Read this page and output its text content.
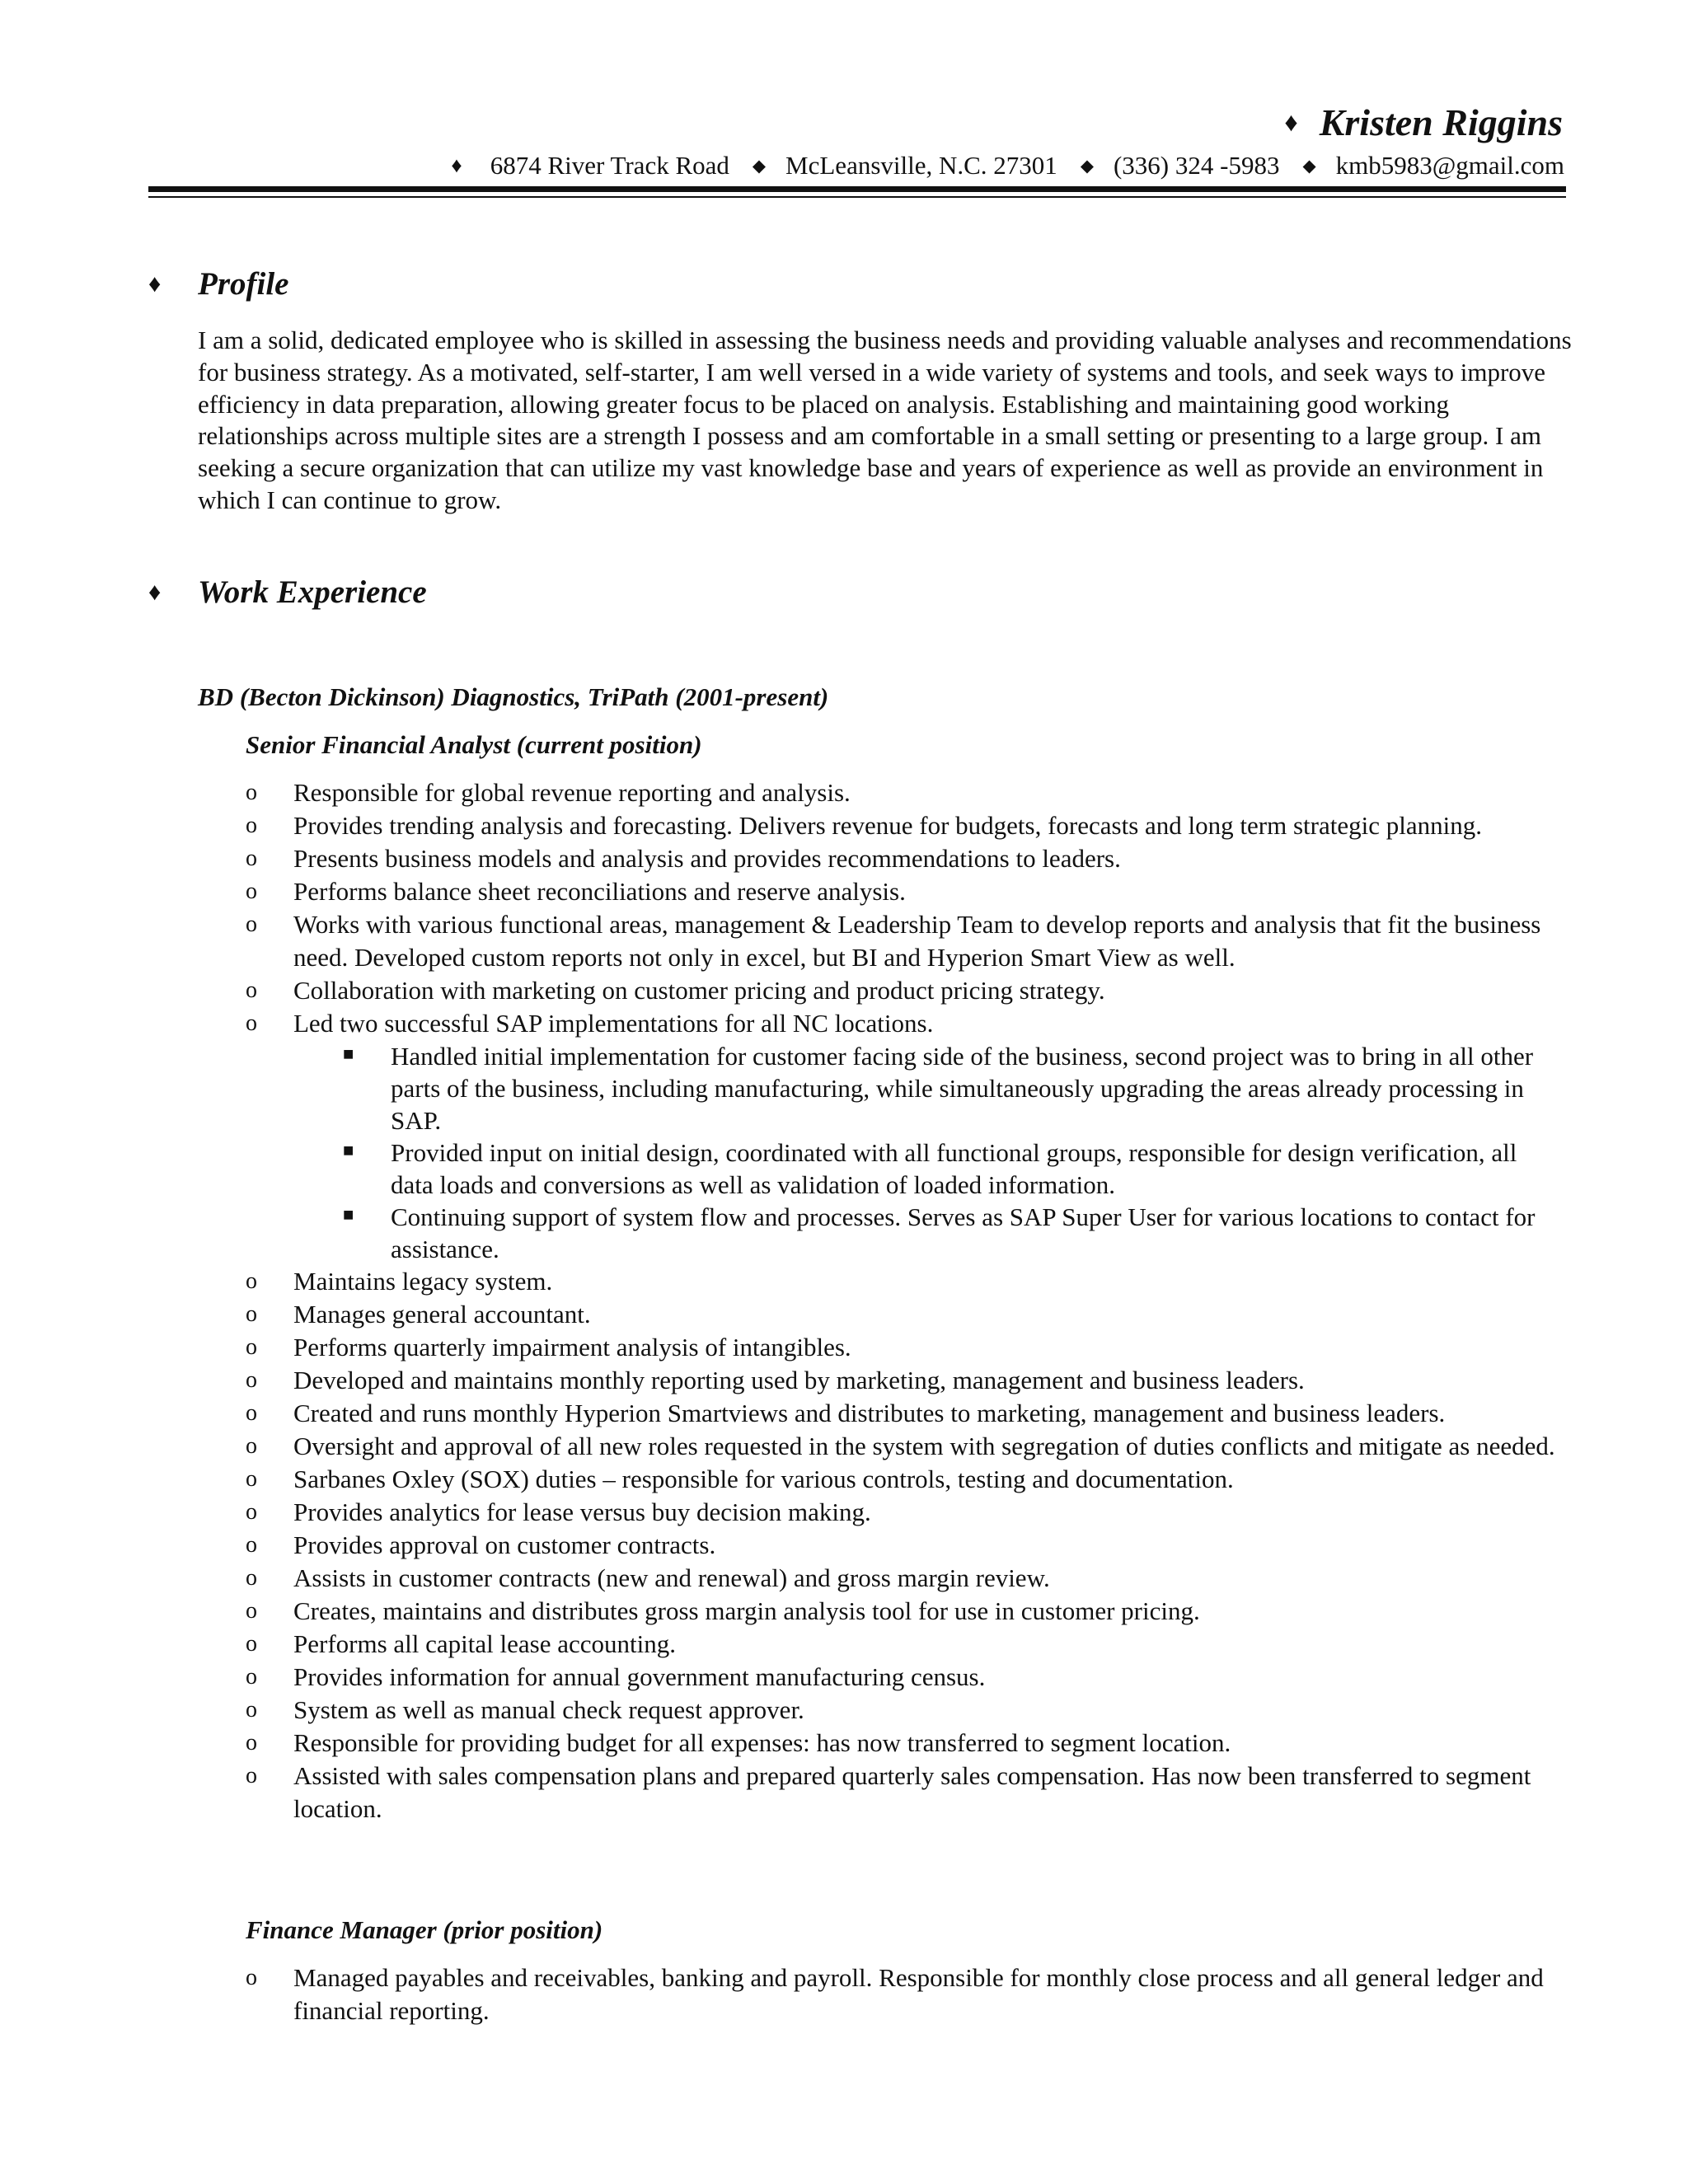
♦ Kristen Riggins
♦ 6874 River Track Road ◆ McLeansville, N.C. 27301 ◆ (336) 324 -5983 ◆ kmb5983@gmail.com
♦	Profile
I am a solid, dedicated employee who is skilled in assessing the business needs and providing valuable analyses and recommendations for business strategy. As a motivated, self-starter, I am well versed in a wide variety of systems and tools, and seek ways to improve efficiency in data preparation, allowing greater focus to be placed on analysis. Establishing and maintaining good working relationships across multiple sites are a strength I possess and am comfortable in a small setting or presenting to a large group. I am seeking a secure organization that can utilize my vast knowledge base and years of experience as well as provide an environment in which I can continue to grow.
♦	Work Experience
BD (Becton Dickinson) Diagnostics, TriPath (2001-present)
Senior Financial Analyst (current position)
o Responsible for global revenue reporting and analysis.
o Provides trending analysis and forecasting. Delivers revenue for budgets, forecasts and long term strategic planning.
o Presents business models and analysis and provides recommendations to leaders.
o Performs balance sheet reconciliations and reserve analysis.
o Works with various functional areas, management & Leadership Team to develop reports and analysis that fit the business need. Developed custom reports not only in excel, but BI and Hyperion Smart View as well.
o Collaboration with marketing on customer pricing and product pricing strategy.
o Led two successful SAP implementations for all NC locations.
■ Handled initial implementation for customer facing side of the business, second project was to bring in all other parts of the business, including manufacturing, while simultaneously upgrading the areas already processing in SAP.
■ Provided input on initial design, coordinated with all functional groups, responsible for design verification, all data loads and conversions as well as validation of loaded information.
■ Continuing support of system flow and processes. Serves as SAP Super User for various locations to contact for assistance.
o Maintains legacy system.
o Manages general accountant.
o Performs quarterly impairment analysis of intangibles.
o Developed and maintains monthly reporting used by marketing, management and business leaders.
o Created and runs monthly Hyperion Smartviews and distributes to marketing, management and business leaders.
o Oversight and approval of all new roles requested in the system with segregation of duties conflicts and mitigate as needed.
o Sarbanes Oxley (SOX) duties – responsible for various controls, testing and documentation.
o Provides analytics for lease versus buy decision making.
o Provides approval on customer contracts.
o Assists in customer contracts (new and renewal) and gross margin review.
o Creates, maintains and distributes gross margin analysis tool for use in customer pricing.
o Performs all capital lease accounting.
o Provides information for annual government manufacturing census.
o System as well as manual check request approver.
o Responsible for providing budget for all expenses: has now transferred to segment location.
o Assisted with sales compensation plans and prepared quarterly sales compensation. Has now been transferred to segment location.
Finance Manager (prior position)
o Managed payables and receivables, banking and payroll. Responsible for monthly close process and all general ledger and financial reporting.
